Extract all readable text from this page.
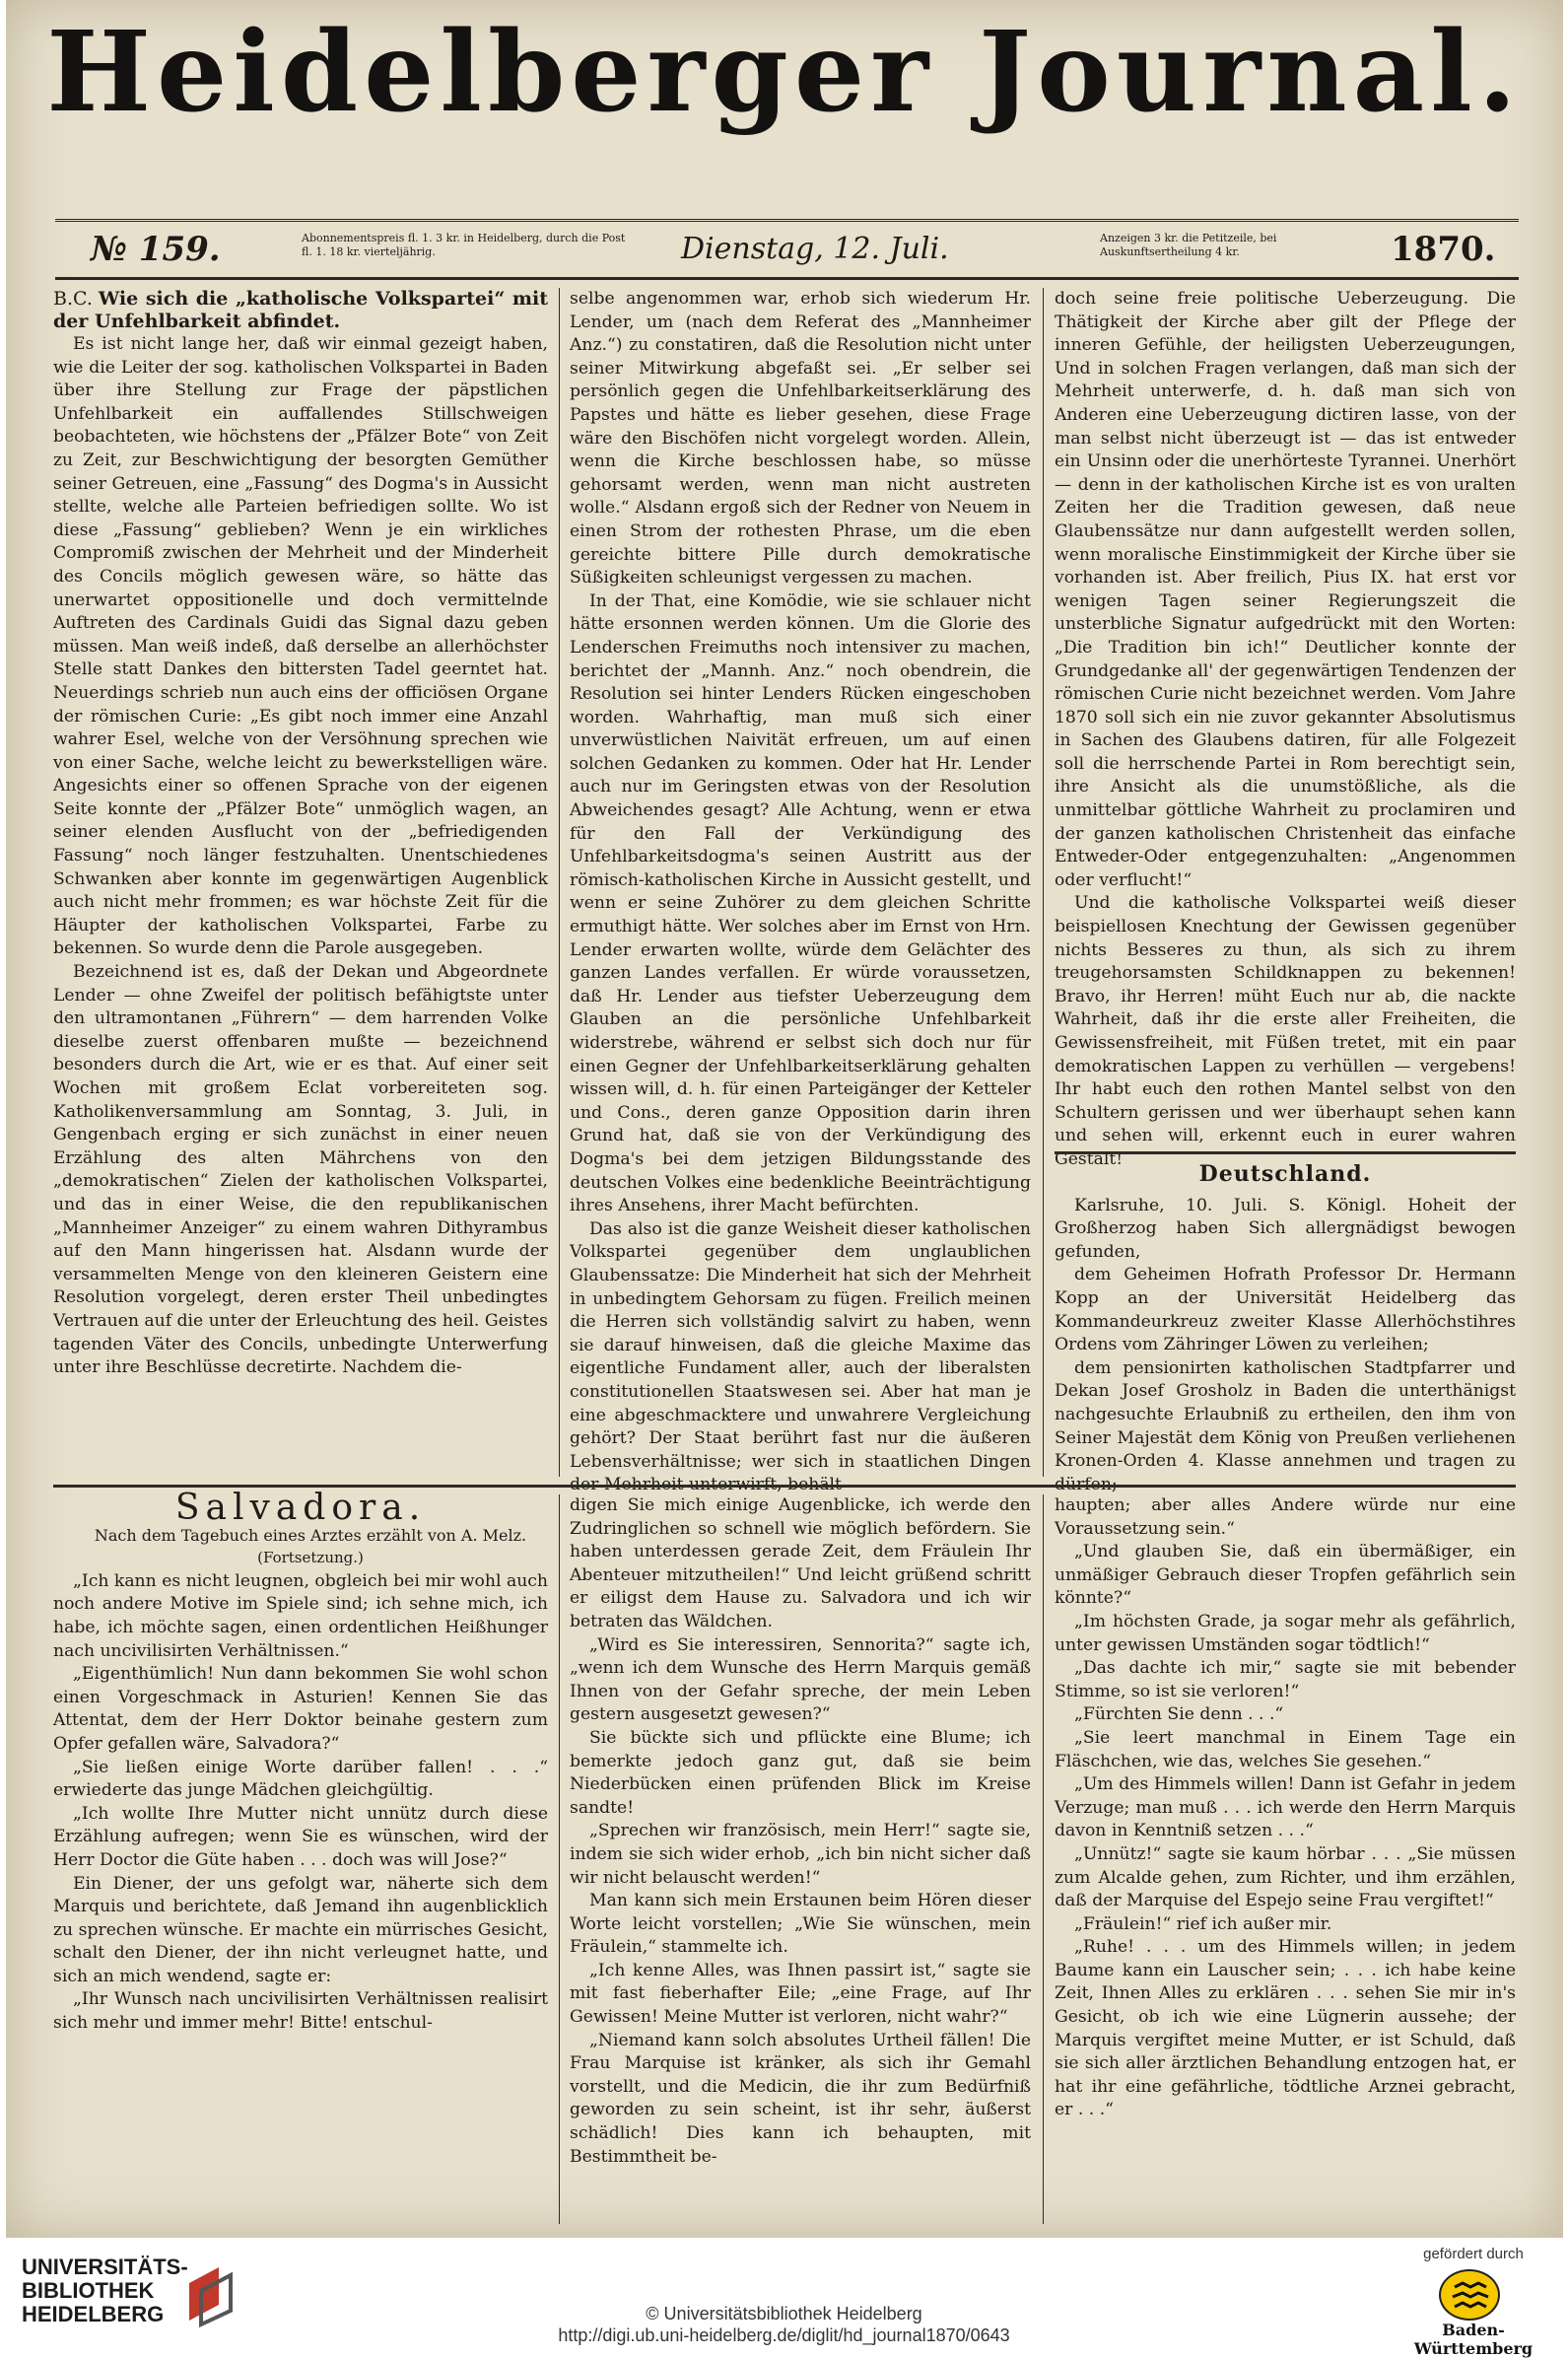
Heidelberger Journal.
№ 159.	Abonnementspreis fl. 1. 3 kr. in Heidelberg, durch die Post fl. 1. 18 kr. vierteljährig.	Dienstag, 12. Juli.	Anzeigen 3 kr. die Petitzeile, bei Auskunftsertheilung 4 kr.	1870.

B.C. Wie sich die „katholische Volkspartei“ mit der Unfehlbarkeit abfindet.

Es ist nicht lange her, daß wir einmal gezeigt haben, wie die Leiter der sog. katholischen Volkspartei in Baden über ihre Stellung zur Frage der päpstlichen Unfehlbarkeit ein auffallendes Stillschweigen beobachteten, wie höchstens der „Pfälzer Bote“ von Zeit zu Zeit, zur Beschwichtigung der besorgten Gemüther seiner Getreuen, eine „Fassung“ des Dogma's in Aussicht stellte, welche alle Parteien befriedigen sollte. Wo ist diese „Fassung“ geblieben? Wenn je ein wirkliches Compromiß zwischen der Mehrheit und der Minderheit des Concils möglich gewesen wäre, so hätte das unerwartet oppositionelle und doch vermittelnde Auftreten des Cardinals Guidi das Signal dazu geben müssen. Man weiß indeß, daß derselbe an allerhöchster Stelle statt Dankes den bittersten Tadel geerntet hat. Neuerdings schrieb nun auch eins der officiösen Organe der römischen Curie: „Es gibt noch immer eine Anzahl wahrer Esel, welche von der Versöhnung sprechen wie von einer Sache, welche leicht zu bewerkstelligen wäre. Angesichts einer so offenen Sprache von der eigenen Seite konnte der „Pfälzer Bote“ unmöglich wagen, an seiner elenden Ausflucht von der „befriedigenden Fassung“ noch länger festzuhalten. Unentschiedenes Schwanken aber konnte im gegenwärtigen Augenblick auch nicht mehr frommen; es war höchste Zeit für die Häupter der katholischen Volkspartei, Farbe zu bekennen. So wurde denn die Parole ausgegeben.

Bezeichnend ist es, daß der Dekan und Abgeordnete Lender — ohne Zweifel der politisch befähigtste unter den ultramontanen „Führern“ — dem harrenden Volke dieselbe zuerst offenbaren mußte — bezeichnend besonders durch die Art, wie er es that. Auf einer seit Wochen mit großem Eclat vorbereiteten sog. Katholikenversammlung am Sonntag, 3. Juli, in Gengenbach erging er sich zunächst in einer neuen Erzählung des alten Mährchens von den „demokratischen“ Zielen der katholischen Volkspartei, und das in einer Weise, die den republikanischen „Mannheimer Anzeiger“ zu einem wahren Dithyrambus auf den Mann hingerissen hat. Alsdann wurde der versammelten Menge von den kleineren Geistern eine Resolution vorgelegt, deren erster Theil unbedingtes Vertrauen auf die unter der Erleuchtung des heil. Geistes tagenden Väter des Concils, unbedingte Unterwerfung unter ihre Beschlüsse decretirte. Nachdem die-

selbe angenommen war, erhob sich wiederum Hr. Lender, um (nach dem Referat des „Mannheimer Anz.“) zu constatiren, daß die Resolution nicht unter seiner Mitwirkung abgefaßt sei. „Er selber sei persönlich gegen die Unfehlbarkeitserklärung des Papstes und hätte es lieber gesehen, diese Frage wäre den Bischöfen nicht vorgelegt worden. Allein, wenn die Kirche beschlossen habe, so müsse gehorsamt werden, wenn man nicht austreten wolle.“ Alsdann ergoß sich der Redner von Neuem in einen Strom der rothesten Phrase, um die eben gereichte bittere Pille durch demokratische Süßigkeiten schleunigst vergessen zu machen.

In der That, eine Komödie, wie sie schlauer nicht hätte ersonnen werden können. Um die Glorie des Lenderschen Freimuths noch intensiver zu machen, berichtet der „Mannh. Anz.“ noch obendrein, die Resolution sei hinter Lenders Rücken eingeschoben worden. Wahrhaftig, man muß sich einer unverwüstlichen Naivität erfreuen, um auf einen solchen Gedanken zu kommen. Oder hat Hr. Lender auch nur im Geringsten etwas von der Resolution Abweichendes gesagt? Alle Achtung, wenn er etwa für den Fall der Verkündigung des Unfehlbarkeitsdogma's seinen Austritt aus der römisch-katholischen Kirche in Aussicht gestellt, und wenn er seine Zuhörer zu dem gleichen Schritte ermuthigt hätte. Wer solches aber im Ernst von Hrn. Lender erwarten wollte, würde dem Gelächter des ganzen Landes verfallen. Er würde voraussetzen, daß Hr. Lender aus tiefster Ueberzeugung dem Glauben an die persönliche Unfehlbarkeit widerstrebe, während er selbst sich doch nur für einen Gegner der Unfehlbarkeitserklärung gehalten wissen will, d. h. für einen Parteigänger der Ketteler und Cons., deren ganze Opposition darin ihren Grund hat, daß sie von der Verkündigung des Dogma's bei dem jetzigen Bildungsstande des deutschen Volkes eine bedenkliche Beeinträchtigung ihres Ansehens, ihrer Macht befürchten.

Das also ist die ganze Weisheit dieser katholischen Volkspartei gegenüber dem unglaublichen Glaubenssatze: Die Minderheit hat sich der Mehrheit in unbedingtem Gehorsam zu fügen. Freilich meinen die Herren sich vollständig salvirt zu haben, wenn sie darauf hinweisen, daß die gleiche Maxime das eigentliche Fundament aller, auch der liberalsten constitutionellen Staatswesen sei. Aber hat man je eine abgeschmacktere und unwahrere Vergleichung gehört? Der Staat berührt fast nur die äußeren Lebensverhältnisse; wer sich in staatlichen Dingen der Mehrheit unterwirft, behält

doch seine freie politische Ueberzeugung. Die Thätigkeit der Kirche aber gilt der Pflege der inneren Gefühle, der heiligsten Ueberzeugungen, Und in solchen Fragen verlangen, daß man sich der Mehrheit unterwerfe, d. h. daß man sich von Anderen eine Ueberzeugung dictiren lasse, von der man selbst nicht überzeugt ist — das ist entweder ein Unsinn oder die unerhörteste Tyrannei. Unerhört — denn in der katholischen Kirche ist es von uralten Zeiten her die Tradition gewesen, daß neue Glaubenssätze nur dann aufgestellt werden sollen, wenn moralische Einstimmigkeit der Kirche über sie vorhanden ist. Aber freilich, Pius IX. hat erst vor wenigen Tagen seiner Regierungszeit die unsterbliche Signatur aufgedrückt mit den Worten: „Die Tradition bin ich!“ Deutlicher konnte der Grundgedanke all' der gegenwärtigen Tendenzen der römischen Curie nicht bezeichnet werden. Vom Jahre 1870 soll sich ein nie zuvor gekannter Absolutismus in Sachen des Glaubens datiren, für alle Folgezeit soll die herrschende Partei in Rom berechtigt sein, ihre Ansicht als die unumstößliche, als die unmittelbar göttliche Wahrheit zu proclamiren und der ganzen katholischen Christenheit das einfache Entweder-Oder entgegenzuhalten: „Angenommen oder verflucht!“

Und die katholische Volkspartei weiß dieser beispiellosen Knechtung der Gewissen gegenüber nichts Besseres zu thun, als sich zu ihrem treugehorsamsten Schildknappen zu bekennen! Bravo, ihr Herren! müht Euch nur ab, die nackte Wahrheit, daß ihr die erste aller Freiheiten, die Gewissensfreiheit, mit Füßen tretet, mit ein paar demokratischen Lappen zu verhüllen — vergebens! Ihr habt euch den rothen Mantel selbst von den Schultern gerissen und wer überhaupt sehen kann und sehen will, erkennt euch in eurer wahren Gestalt!

Deutschland.

Karlsruhe, 10. Juli. S. Königl. Hoheit der Großherzog haben Sich allergnädigst bewogen gefunden,

dem Geheimen Hofrath Professor Dr. Hermann Kopp an der Universität Heidelberg das Kommandeurkreuz zweiter Klasse Allerhöchstihres Ordens vom Zähringer Löwen zu verleihen;

dem pensionirten katholischen Stadtpfarrer und Dekan Josef Grosholz in Baden die unterthänigst nachgesuchte Erlaubniß zu ertheilen, den ihm von Seiner Majestät dem König von Preußen verliehenen Kronen-Orden 4. Klasse annehmen und tragen zu dürfen;

Salvadora.

Nach dem Tagebuch eines Arztes erzählt von A. Melz.

(Fortsetzung.)

„Ich kann es nicht leugnen, obgleich bei mir wohl auch noch andere Motive im Spiele sind; ich sehne mich, ich habe, ich möchte sagen, einen ordentlichen Heißhunger nach uncivilisirten Verhältnissen.“

„Eigenthümlich! Nun dann bekommen Sie wohl schon einen Vorgeschmack in Asturien! Kennen Sie das Attentat, dem der Herr Doktor beinahe gestern zum Opfer gefallen wäre, Salvadora?“

„Sie ließen einige Worte darüber fallen! . . .“ erwiederte das junge Mädchen gleichgültig.

„Ich wollte Ihre Mutter nicht unnütz durch diese Erzählung aufregen; wenn Sie es wünschen, wird der Herr Doctor die Güte haben . . . doch was will Jose?“

Ein Diener, der uns gefolgt war, näherte sich dem Marquis und berichtete, daß Jemand ihn augenblicklich zu sprechen wünsche. Er machte ein mürrisches Gesicht, schalt den Diener, der ihn nicht verleugnet hatte, und sich an mich wendend, sagte er:

„Ihr Wunsch nach uncivilisirten Verhältnissen realisirt sich mehr und immer mehr! Bitte! entschul-

digen Sie mich einige Augenblicke, ich werde den Zudringlichen so schnell wie möglich befördern. Sie haben unterdessen gerade Zeit, dem Fräulein Ihr Abenteuer mitzutheilen!“ Und leicht grüßend schritt er eiligst dem Hause zu. Salvadora und ich wir betraten das Wäldchen.

„Wird es Sie interessiren, Sennorita?“ sagte ich, „wenn ich dem Wunsche des Herrn Marquis gemäß Ihnen von der Gefahr spreche, der mein Leben gestern ausgesetzt gewesen?“

Sie bückte sich und pflückte eine Blume; ich bemerkte jedoch ganz gut, daß sie beim Niederbücken einen prüfenden Blick im Kreise sandte!

„Sprechen wir französisch, mein Herr!“ sagte sie, indem sie sich wider erhob, „ich bin nicht sicher daß wir nicht belauscht werden!“

Man kann sich mein Erstaunen beim Hören dieser Worte leicht vorstellen; „Wie Sie wünschen, mein Fräulein,“ stammelte ich.

„Ich kenne Alles, was Ihnen passirt ist,“ sagte sie mit fast fieberhafter Eile; „eine Frage, auf Ihr Gewissen! Meine Mutter ist verloren, nicht wahr?“

„Niemand kann solch absolutes Urtheil fällen! Die Frau Marquise ist kränker, als sich ihr Gemahl vorstellt, und die Medicin, die ihr zum Bedürfniß geworden zu sein scheint, ist ihr sehr, äußerst schädlich! Dies kann ich behaupten, mit Bestimmtheit be-

haupten; aber alles Andere würde nur eine Voraussetzung sein.“

„Und glauben Sie, daß ein übermäßiger, ein unmäßiger Gebrauch dieser Tropfen gefährlich sein könnte?“

„Im höchsten Grade, ja sogar mehr als gefährlich, unter gewissen Umständen sogar tödtlich!“

„Das dachte ich mir,“ sagte sie mit bebender Stimme, so ist sie verloren!“

„Fürchten Sie denn . . .“

„Sie leert manchmal in Einem Tage ein Fläschchen, wie das, welches Sie gesehen.“

„Um des Himmels willen! Dann ist Gefahr in jedem Verzuge; man muß . . . ich werde den Herrn Marquis davon in Kenntniß setzen . . .“

„Unnütz!“ sagte sie kaum hörbar . . . „Sie müssen zum Alcalde gehen, zum Richter, und ihm erzählen, daß der Marquise del Espejo seine Frau vergiftet!“

„Fräulein!“ rief ich außer mir.

„Ruhe! . . . um des Himmels willen; in jedem Baume kann ein Lauscher sein; . . . ich habe keine Zeit, Ihnen Alles zu erklären . . . sehen Sie mir in's Gesicht, ob ich wie eine Lügnerin aussehe; der Marquis vergiftet meine Mutter, er ist Schuld, daß sie sich aller ärztlichen Behandlung entzogen hat, er hat ihr eine gefährliche, tödtliche Arznei gebracht, er . . .“

UNIVERSITÄTS-
BIBLIOTHEK
HEIDELBERG	© Universitätsbibliothek Heidelberg
http://digi.ub.uni-heidelberg.de/diglit/hd_journal1870/0643
gefördert durch
Baden-Württemberg
